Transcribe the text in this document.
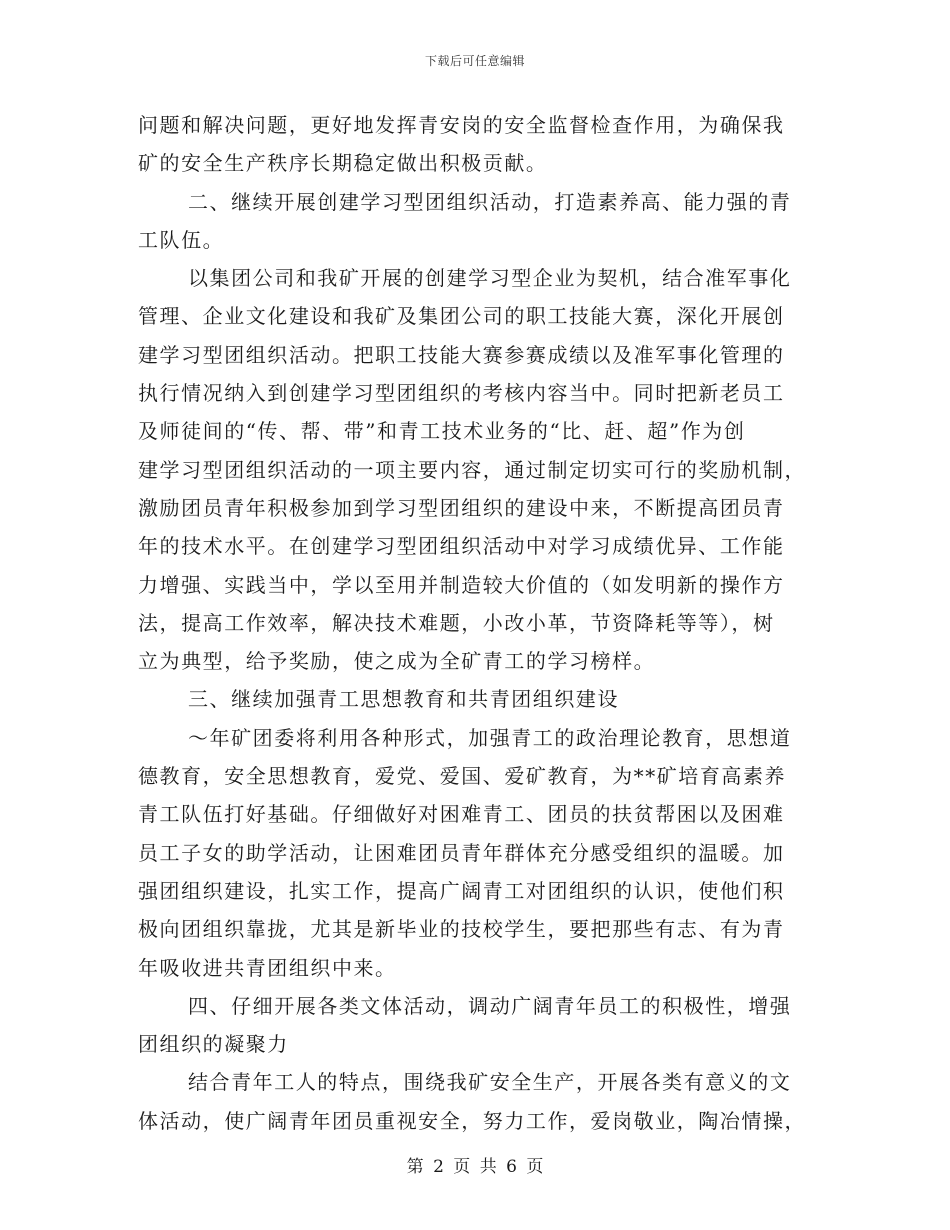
下载后可任意编辑
问题和解决问题，更好地发挥青安岗的安全监督检查作用，为确保我
矿的安全生产秩序长期稳定做出积极贡献。
二、继续开展创建学习型团组织活动，打造素养高、能力强的青
工队伍。
以集团公司和我矿开展的创建学习型企业为契机，结合准军事化
管理、企业文化建设和我矿及集团公司的职工技能大赛，深化开展创
建学习型团组织活动。把职工技能大赛参赛成绩以及准军事化管理的
执行情况纳入到创建学习型团组织的考核内容当中。同时把新老员工
及师徒间的“传、帮、带”和青工技术业务的“比、赶、超”作为创
建学习型团组织活动的一项主要内容，通过制定切实可行的奖励机制，
激励团员青年积极参加到学习型团组织的建设中来，不断提高团员青
年的技术水平。在创建学习型团组织活动中对学习成绩优异、工作能
力增强、实践当中，学以至用并制造较大价值的（如发明新的操作方
法，提高工作效率，解决技术难题，小改小革，节资降耗等等），树
立为典型，给予奖励，使之成为全矿青工的学习榜样。
三、继续加强青工思想教育和共青团组织建设
～年矿团委将利用各种形式，加强青工的政治理论教育，思想道
德教育，安全思想教育，爱党、爱国、爱矿教育，为**矿培育高素养
青工队伍打好基础。仔细做好对困难青工、团员的扶贫帮困以及困难
员工子女的助学活动，让困难团员青年群体充分感受组织的温暖。加
强团组织建设，扎实工作，提高广阔青工对团组织的认识，使他们积
极向团组织靠拢，尤其是新毕业的技校学生，要把那些有志、有为青
年吸收进共青团组织中来。
四、仔细开展各类文体活动，调动广阔青年员工的积极性，增强
团组织的凝聚力
结合青年工人的特点，围绕我矿安全生产，开展各类有意义的文
体活动，使广阔青年团员重视安全，努力工作，爱岗敬业，陶冶情操，
第 2 页 共 6 页
